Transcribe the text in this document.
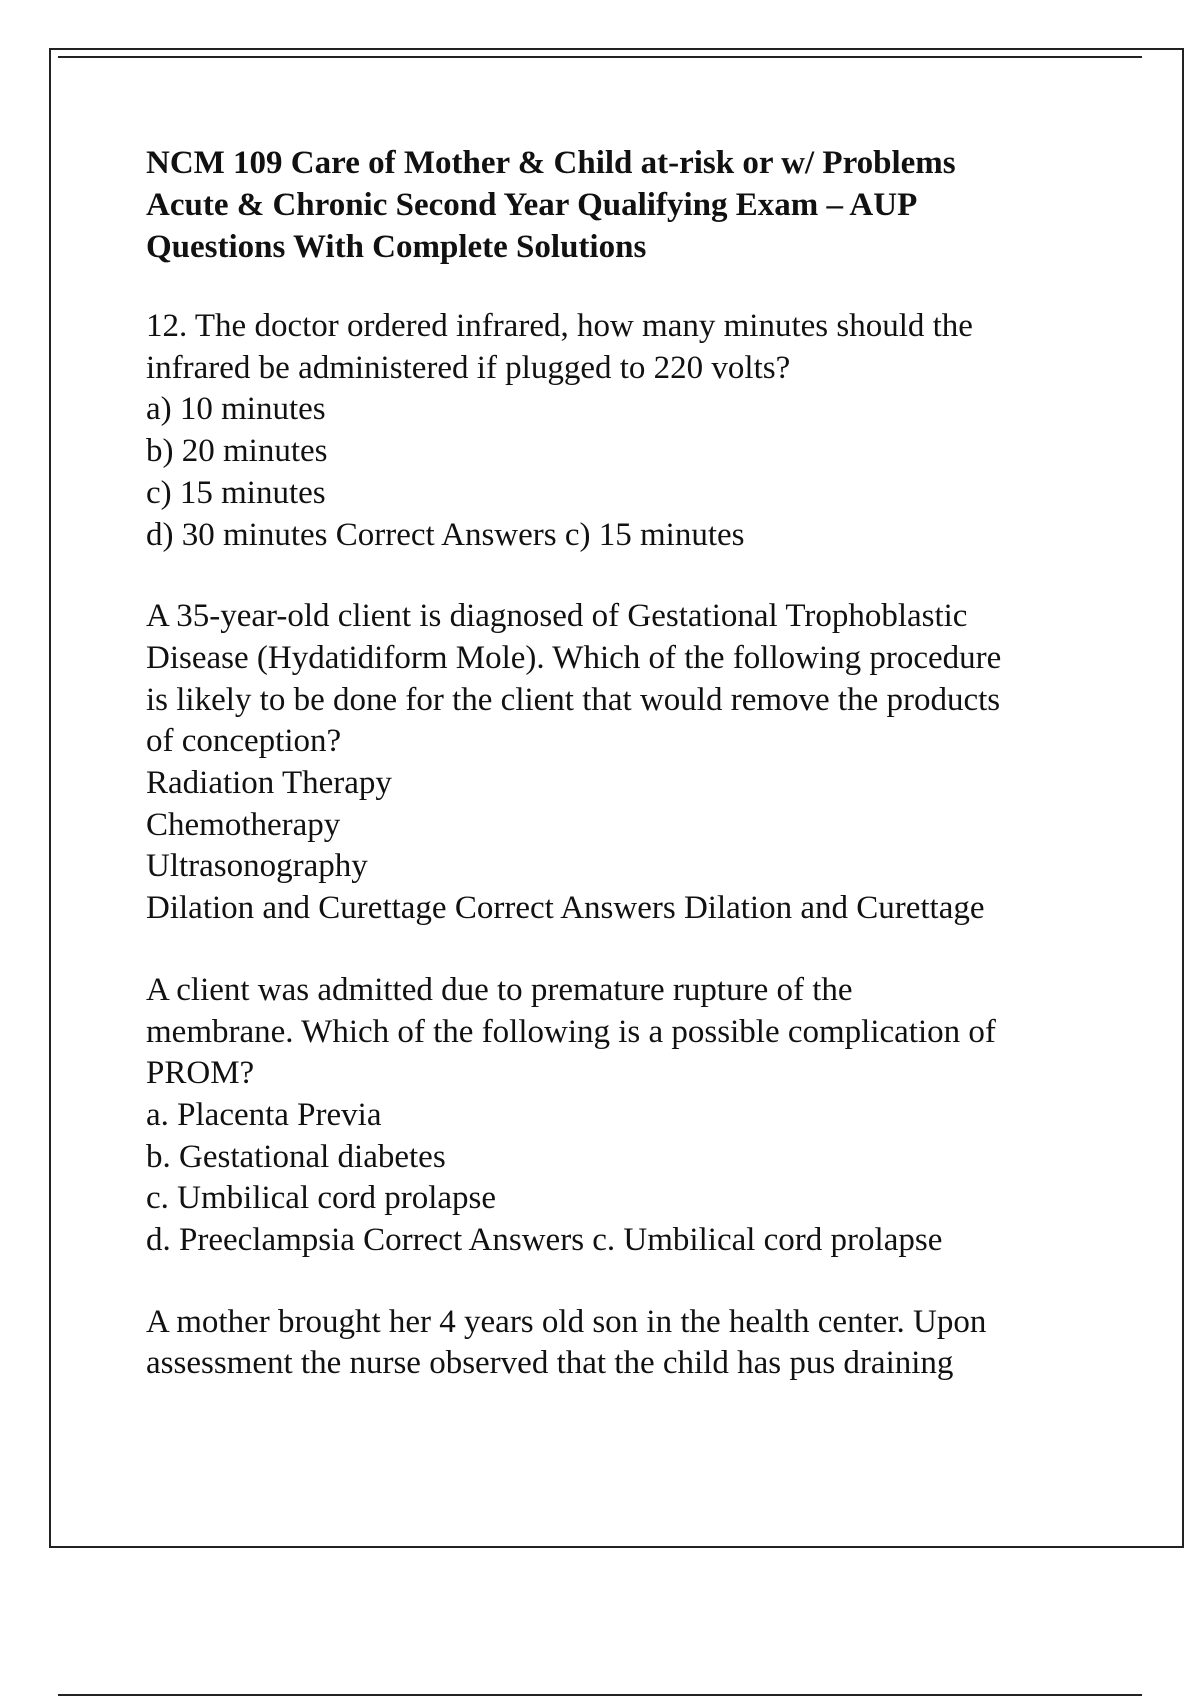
NCM 109 Care of Mother & Child at-risk or w/ Problems
Acute & Chronic Second Year Qualifying Exam – AUP
Questions With Complete Solutions
12. The doctor ordered infrared, how many minutes should the
infrared be administered if plugged to 220 volts?
a) 10 minutes
b) 20 minutes
c) 15 minutes
d) 30 minutes Correct Answers c) 15 minutes
A 35-year-old client is diagnosed of Gestational Trophoblastic
Disease (Hydatidiform Mole). Which of the following procedure
is likely to be done for the client that would remove the products
of conception?
Radiation Therapy
Chemotherapy
Ultrasonography
Dilation and Curettage Correct Answers Dilation and Curettage
A client was admitted due to premature rupture of the
membrane. Which of the following is a possible complication of
PROM?
a. Placenta Previa
b. Gestational diabetes
c. Umbilical cord prolapse
d. Preeclampsia Correct Answers c. Umbilical cord prolapse
A mother brought her 4 years old son in the health center. Upon
assessment the nurse observed that the child has pus draining
